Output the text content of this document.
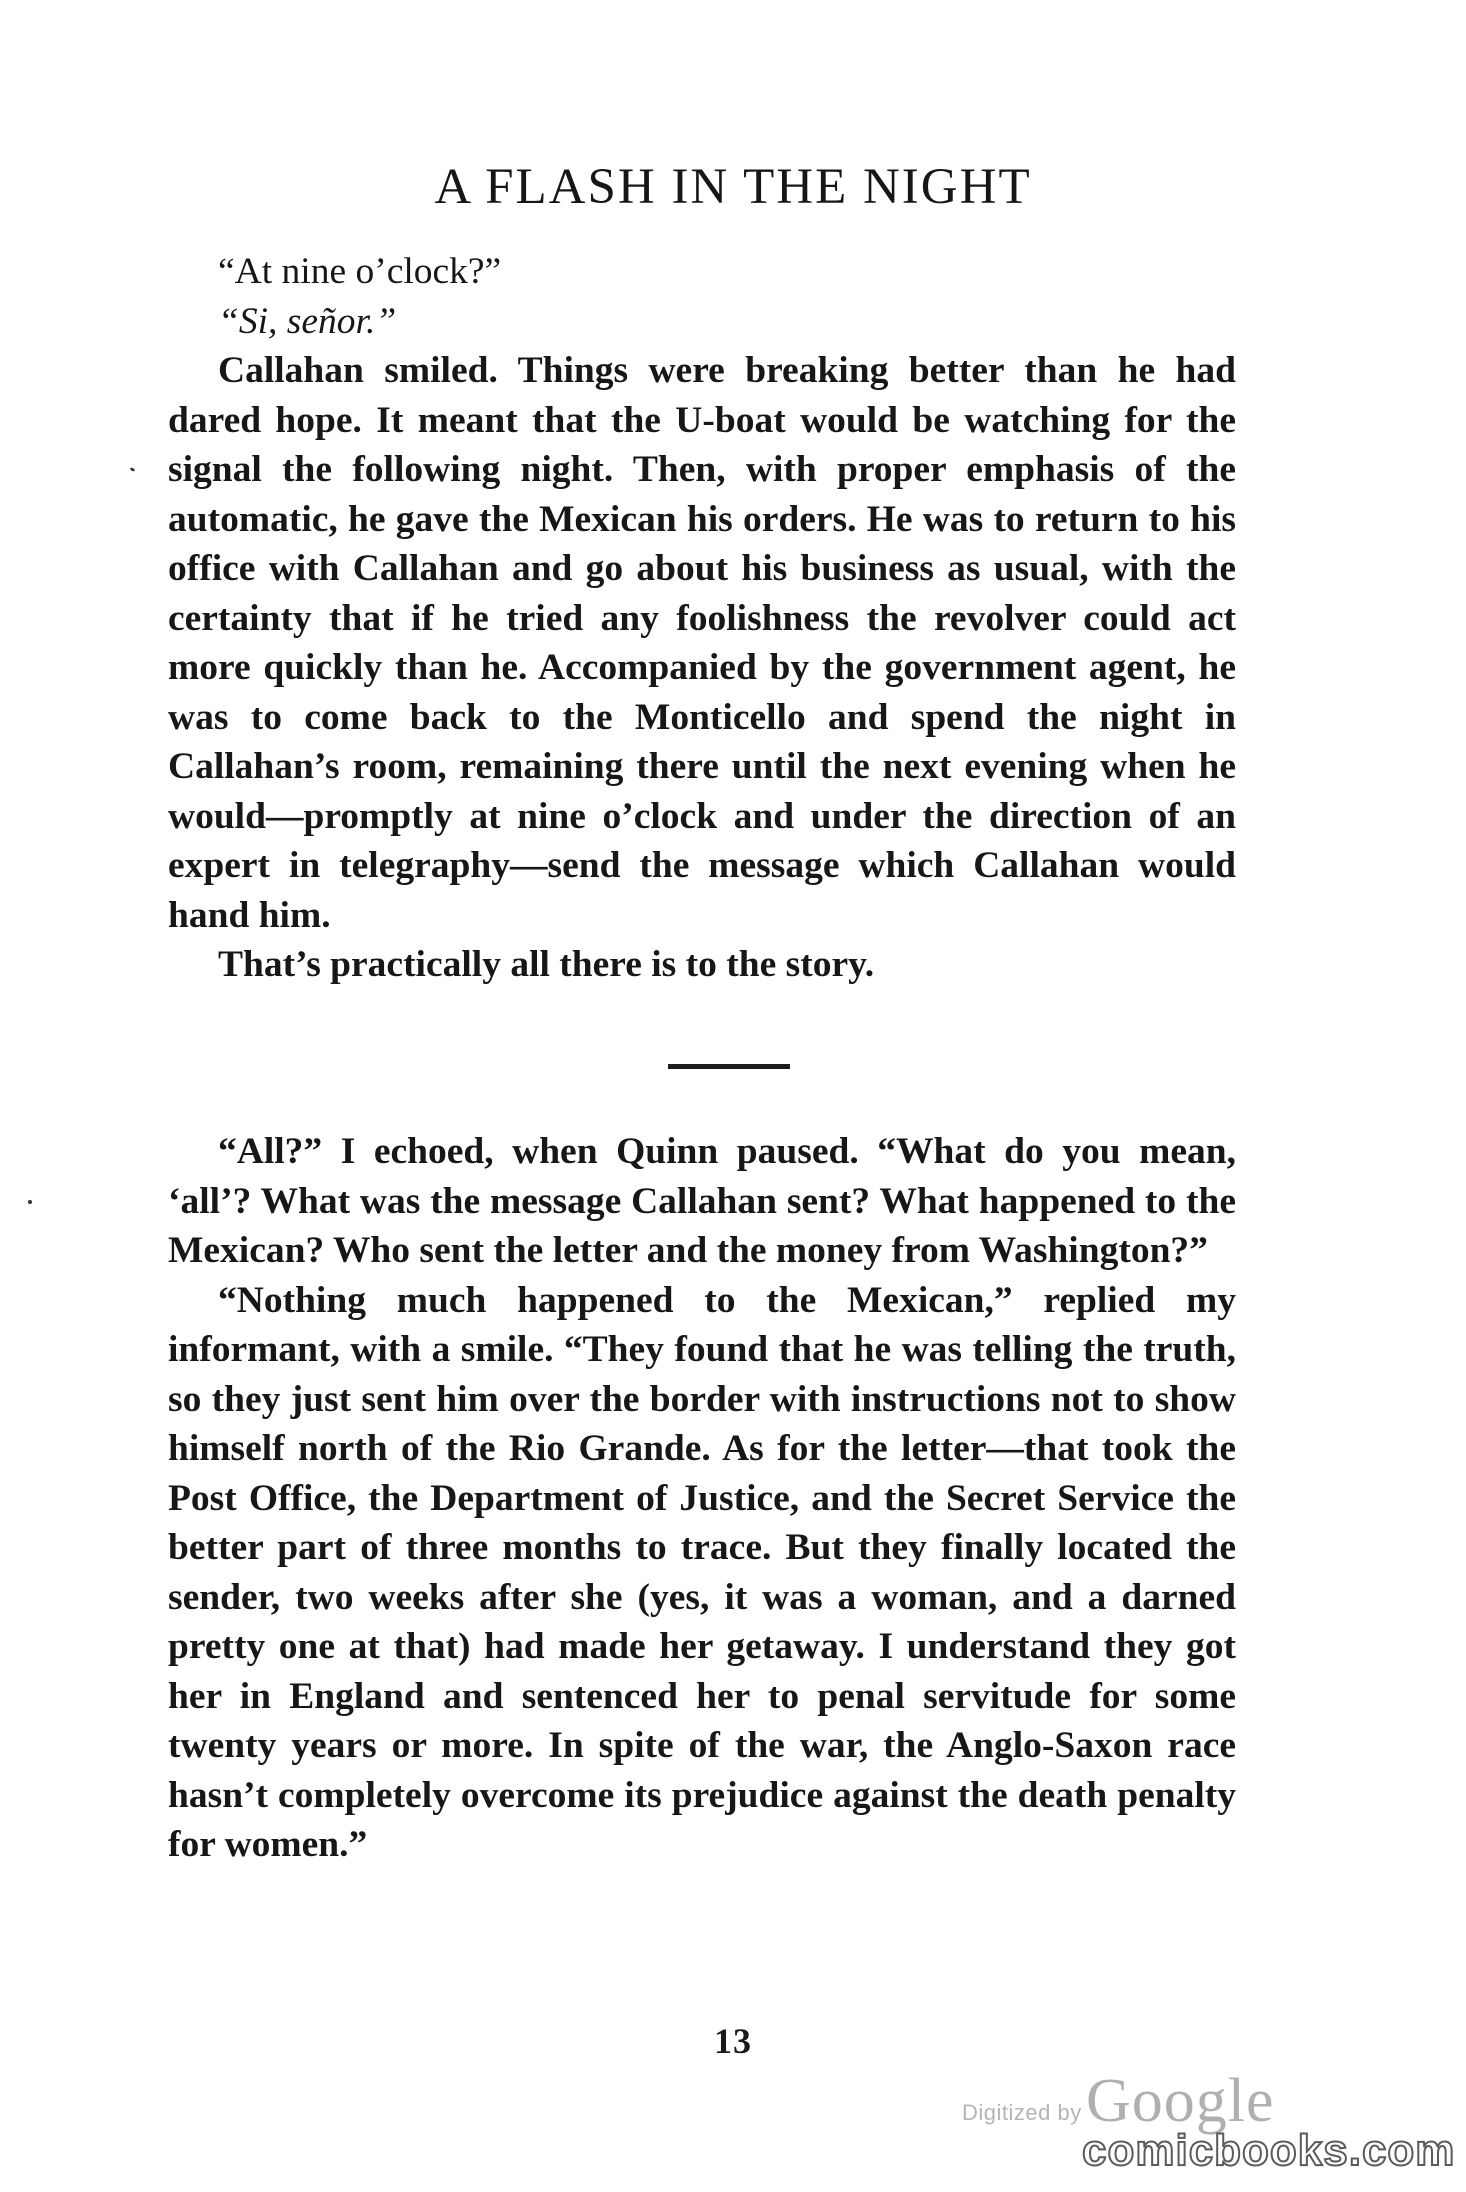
A FLASH IN THE NIGHT

“At nine o’clock?”

“Si, señor.”

Callahan smiled. Things were breaking better than he had dared hope. It meant that the U-boat would be watching for the signal the following night. Then, with proper emphasis of the automatic, he gave the Mexican his orders. He was to return to his office with Callahan and go about his business as usual, with the certainty that if he tried any foolishness the revolver could act more quickly than he. Accompanied by the government agent, he was to come back to the Monticello and spend the night in Callahan’s room, remaining there until the next evening when he would—promptly at nine o’clock and under the direction of an expert in telegraphy—send the message which Callahan would hand him.

That’s practically all there is to the story.

“All?” I echoed, when Quinn paused. “What do you mean, ‘all’? What was the message Callahan sent? What happened to the Mexican? Who sent the letter and the money from Washington?”

“Nothing much happened to the Mexican,” replied my informant, with a smile. “They found that he was telling the truth, so they just sent him over the border with instructions not to show himself north of the Rio Grande. As for the letter—that took the Post Office, the Department of Justice, and the Secret Service the better part of three months to trace. But they finally located the sender, two weeks after she (yes, it was a woman, and a darned pretty one at that) had made her getaway. I understand they got her in England and sentenced her to penal servitude for some twenty years or more. In spite of the war, the Anglo-Saxon race hasn’t completely overcome its prejudice against the death penalty for women.”

13
Digitized by Google
comicbooks.com
